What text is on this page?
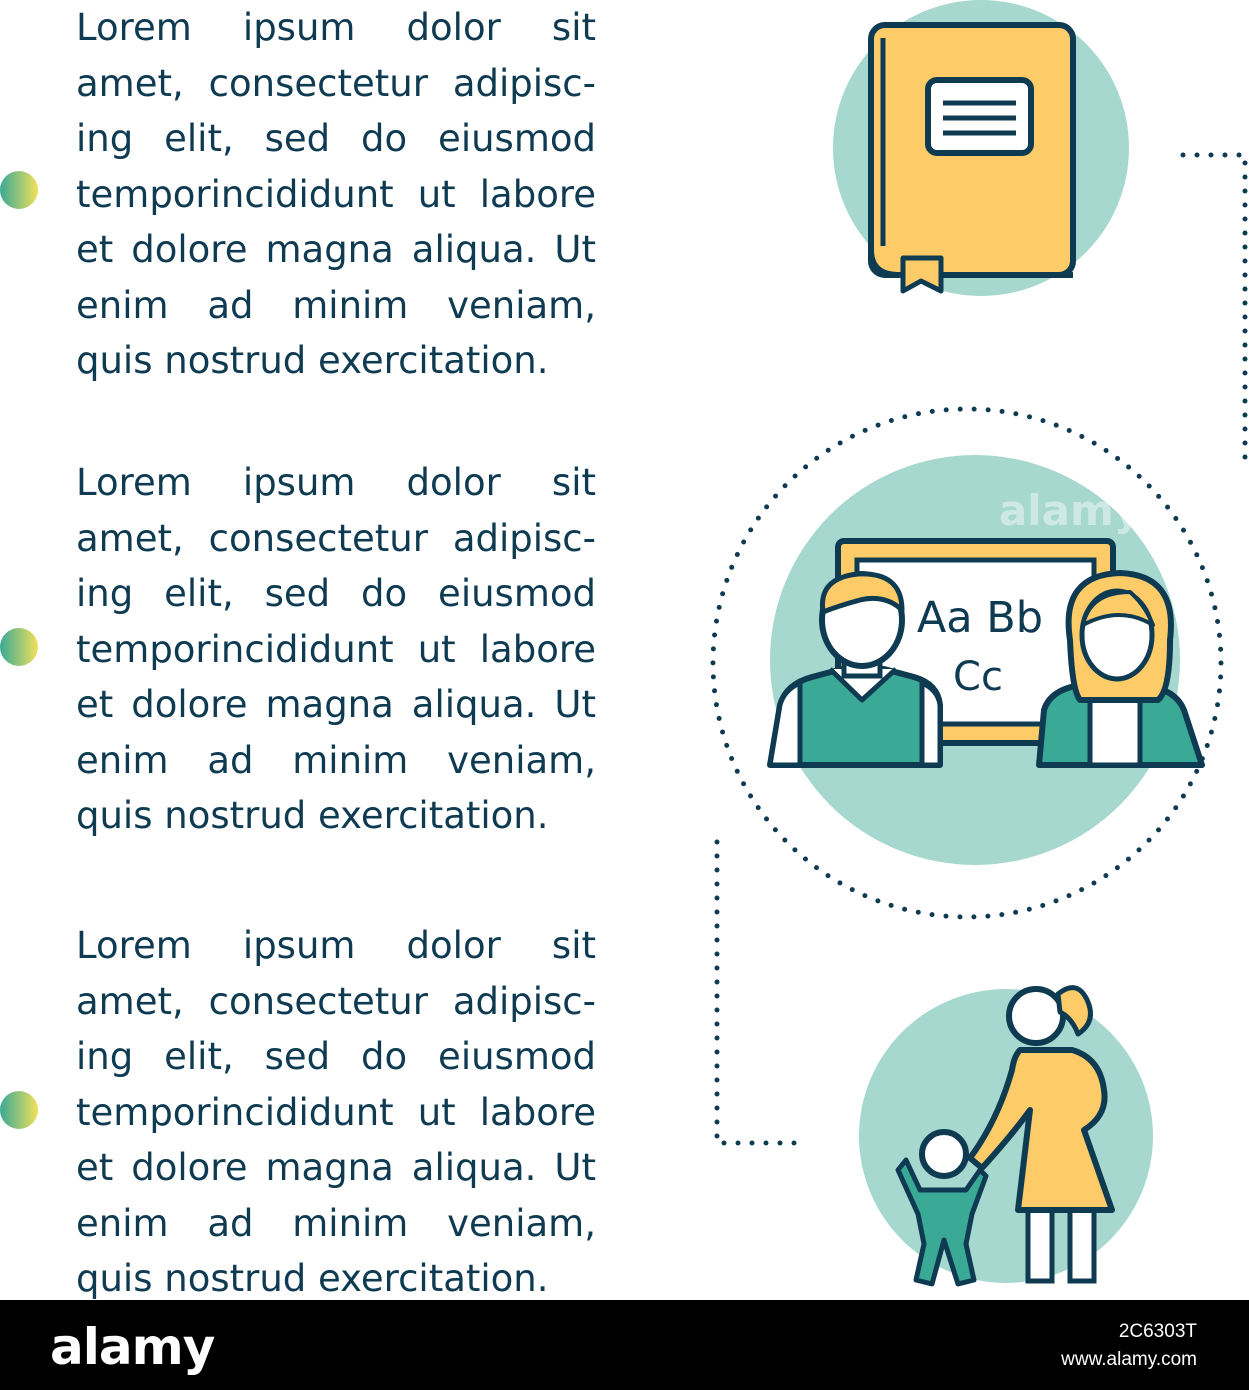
Lorem ipsum dolor sit amet, consectetur adipisc- ing elit, sed do eiusmod temporincididunt ut labore et dolore magna aliqua. Ut enim ad minim veniam, quis nostrud exercitation.

Lorem ipsum dolor sit amet, consectetur adipisc- ing elit, sed do eiusmod temporincididunt ut labore et dolore magna aliqua. Ut enim ad minim veniam, quis nostrud exercitation.

Lorem ipsum dolor sit amet, consectetur adipisc- ing elit, sed do eiusmod temporincididunt ut labore et dolore magna aliqua. Ut enim ad minim veniam, quis nostrud exercitation.

Aa Bb
Cc
alamy
alamy	2C6303T
www.alamy.com
